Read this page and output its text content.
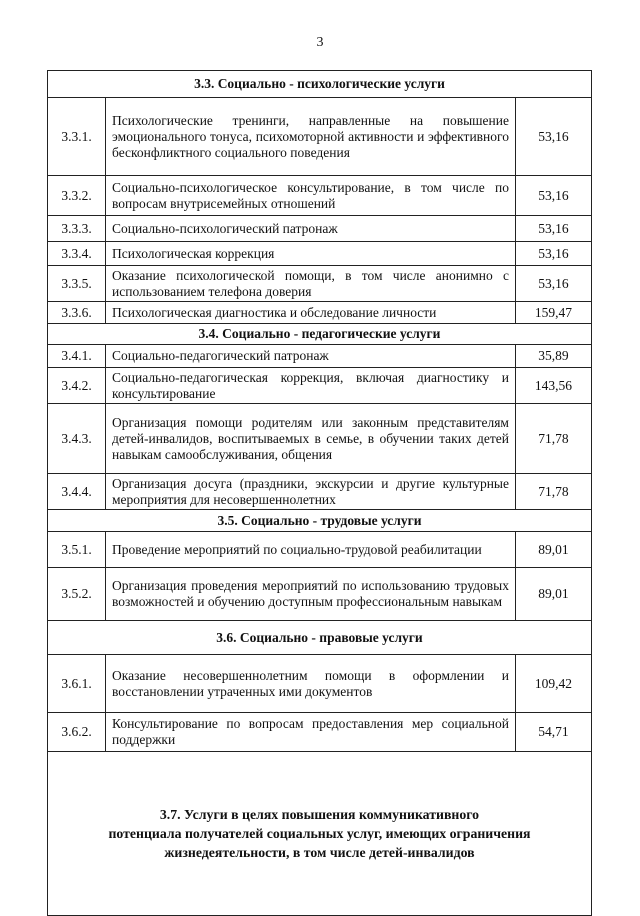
3
3.3. Социально - психологические услуги		
3.3.1.	Психологические тренинги, направленные на повышение эмоционального тонуса, психомоторной активности и эффективного бесконфликтного социального поведения	53,16
3.3.2.	Социально-психологическое консультирование, в том числе по вопросам внутрисемейных отношений	53,16
3.3.3.	Социально-психологический патронаж	53,16
3.3.4.	Психологическая коррекция	53,16
3.3.5.	Оказание психологической помощи, в том числе анонимно с использованием телефона доверия	53,16
3.3.6.	Психологическая диагностика и обследование личности	159,47
3.4. Социально - педагогические услуги		
3.4.1.	Социально-педагогический патронаж	35,89
3.4.2.	Социально-педагогическая коррекция, включая диагностику и консультирование	143,56
3.4.3.	Организация помощи родителям или законным представителям детей-инвалидов, воспитываемых в семье, в обучении таких детей навыкам самообслуживания, общения	71,78
3.4.4.	Организация досуга (праздники, экскурсии и другие культурные мероприятия для несовершеннолетних	71,78
3.5. Социально - трудовые услуги		
3.5.1.	Проведение мероприятий по социально-трудовой реабилитации	89,01
3.5.2.	Организация проведения мероприятий по использованию трудовых возможностей и обучению доступным профессиональным навыкам	89,01
3.6. Социально - правовые услуги		
3.6.1.	Оказание несовершеннолетним помощи в оформлении и восстановлении утраченных ими документов	109,42
3.6.2.	Консультирование по вопросам предоставления мер социальной поддержки	54,71

3.7. Услуги в целях повышения коммуникативного
потенциала получателей социальных услуг, имеющих ограничения
жизнедеятельности, в том числе детей-инвалидов		
